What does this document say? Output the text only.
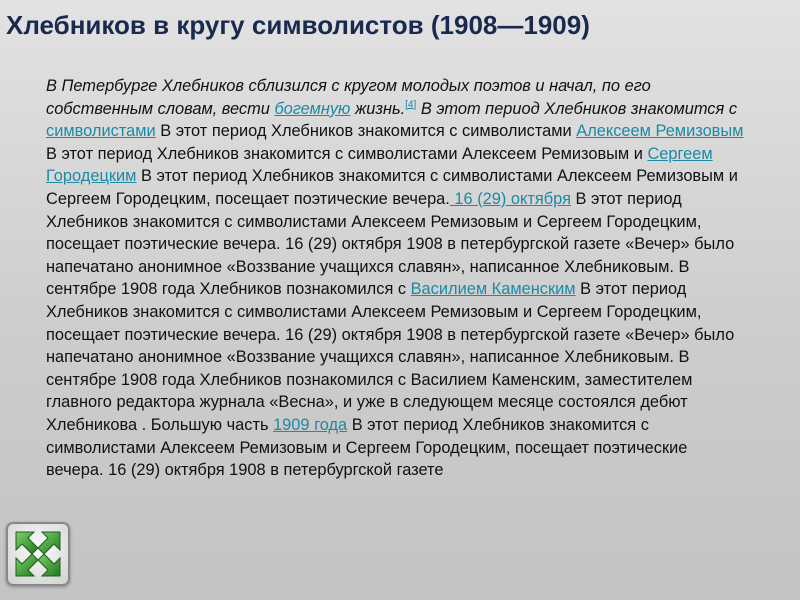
Хлебников в кругу символистов (1908—1909)
В Петербурге Хлебников сблизился с кругом молодых поэтов и начал, по его собственным словам, вести богемную жизнь.[4] В этот период Хлебников знакомится с символистами В этот период Хлебников знакомится с символистами Алексеем Ремизовым В этот период Хлебников знакомится с символистами Алексеем Ремизовым и Сергеем Городецким В этот период Хлебников знакомится с символистами Алексеем Ремизовым и Сергеем Городецким, посещает поэтические вечера. 16 (29) октября В этот период Хлебников знакомится с символистами Алексеем Ремизовым и Сергеем Городецким, посещает поэтические вечера. 16 (29) октября 1908 в петербургской газете «Вечер» было напечатано анонимное «Воззвание учащихся славян», написанное Хлебниковым. В сентябре 1908 года Хлебников познакомился с Василием Каменским В этот период Хлебников знакомится с символистами Алексеем Ремизовым и Сергеем Городецким, посещает поэтические вечера. 16 (29) октября 1908 в петербургской газете «Вечер» было напечатано анонимное «Воззвание учащихся славян», написанное Хлебниковым. В сентябре 1908 года Хлебников познакомился с Василием Каменским, заместителем главного редактора журнала «Весна», и уже в следующем месяце состоялся дебют Хлебникова . Большую часть 1909 года В этот период Хлебников знакомится с символистами Алексеем Ремизовым и Сергеем Городецким, посещает поэтические вечера. 16 (29) октября 1908 в петербургской газете
